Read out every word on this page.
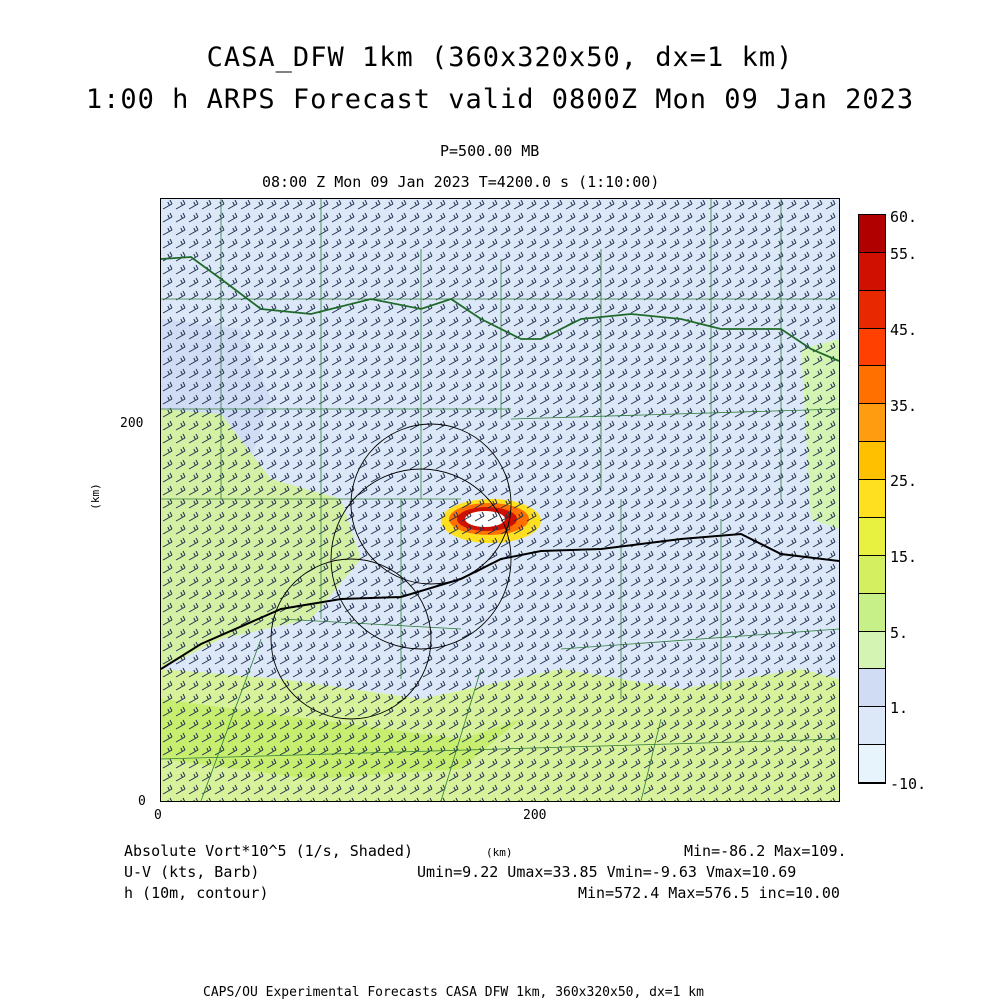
CASA_DFW 1km (360x320x50, dx=1 km)
1:00 h ARPS Forecast valid 0800Z Mon 09 Jan 2023
P=500.00 MB
08:00 Z Mon 09 Jan 2023 T=4200.0 s (1:10:00)
(km)
200
0
0	200
(km)
60.
55.
45.
35.
25.
15.
5.
1.
-10.
Absolute Vort*10^5 (1/s, Shaded)	Min=-86.2 Max=109.
U-V (kts, Barb)	Umin=9.22 Umax=33.85 Vmin=-9.63 Vmax=10.69
h (10m, contour)	Min=572.4 Max=576.5 inc=10.00
CAPS/OU Experimental Forecasts CASA DFW 1km, 360x320x50, dx=1 km
